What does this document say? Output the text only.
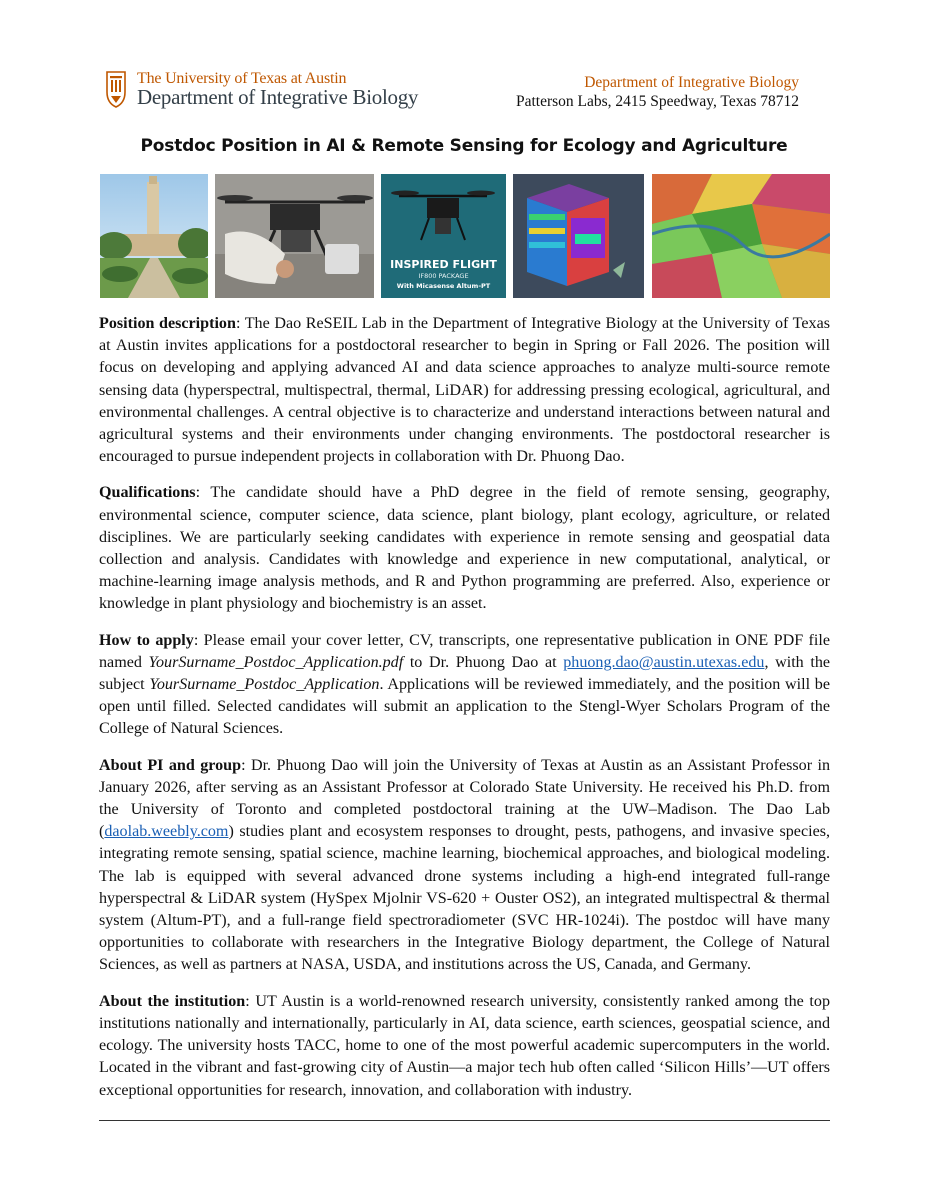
The University of Texas at Austin
Department of Integrative Biology
Department of Integrative Biology
Patterson Labs, 2415 Speedway, Texas 78712
Postdoc Position in AI & Remote Sensing for Ecology and Agriculture
INSPIRED FLIGHT
IF800 PACKAGE
With Micasense Altum-PT

Position description: The Dao ReSEIL Lab in the Department of Integrative Biology at the University of Texas at Austin invites applications for a postdoctoral researcher to begin in Spring or Fall 2026. The position will focus on developing and applying advanced AI and data science approaches to analyze multi-source remote sensing data (hyperspectral, multispectral, thermal, LiDAR) for addressing pressing ecological, agricultural, and environmental challenges. A central objective is to characterize and understand interactions between natural and agricultural systems and their environments under changing environments. The postdoctoral researcher is encouraged to pursue independent projects in collaboration with Dr. Phuong Dao.

Qualifications: The candidate should have a PhD degree in the field of remote sensing, geography, environmental science, computer science, data science, plant biology, plant ecology, agriculture, or related disciplines. We are particularly seeking candidates with experience in remote sensing and geospatial data collection and analysis. Candidates with knowledge and experience in new computational, analytical, or machine-learning image analysis methods, and R and Python programming are preferred. Also, experience or knowledge in plant physiology and biochemistry is an asset.

How to apply: Please email your cover letter, CV, transcripts, one representative publication in ONE PDF file named YourSurname_Postdoc_Application.pdf to Dr. Phuong Dao at phuong.dao@austin.utexas.edu, with the subject YourSurname_Postdoc_Application. Applications will be reviewed immediately, and the position will be open until filled. Selected candidates will submit an application to the Stengl-Wyer Scholars Program of the College of Natural Sciences.

About PI and group: Dr. Phuong Dao will join the University of Texas at Austin as an Assistant Professor in January 2026, after serving as an Assistant Professor at Colorado State University. He received his Ph.D. from the University of Toronto and completed postdoctoral training at the UW–Madison. The Dao Lab (daolab.weebly.com) studies plant and ecosystem responses to drought, pests, pathogens, and invasive species, integrating remote sensing, spatial science, machine learning, biochemical approaches, and biological modeling. The lab is equipped with several advanced drone systems including a high-end integrated full-range hyperspectral & LiDAR system (HySpex Mjolnir VS-620 + Ouster OS2), an integrated multispectral & thermal system (Altum-PT), and a full-range field spectroradiometer (SVC HR-1024i). The postdoc will have many opportunities to collaborate with researchers in the Integrative Biology department, the College of Natural Sciences, as well as partners at NASA, USDA, and institutions across the US, Canada, and Germany.

About the institution: UT Austin is a world-renowned research university, consistently ranked among the top institutions nationally and internationally, particularly in AI, data science, earth sciences, geospatial science, and ecology. The university hosts TACC, home to one of the most powerful academic supercomputers in the world. Located in the vibrant and fast-growing city of Austin—a major tech hub often called ‘Silicon Hills’—UT offers exceptional opportunities for research, innovation, and collaboration with industry.
